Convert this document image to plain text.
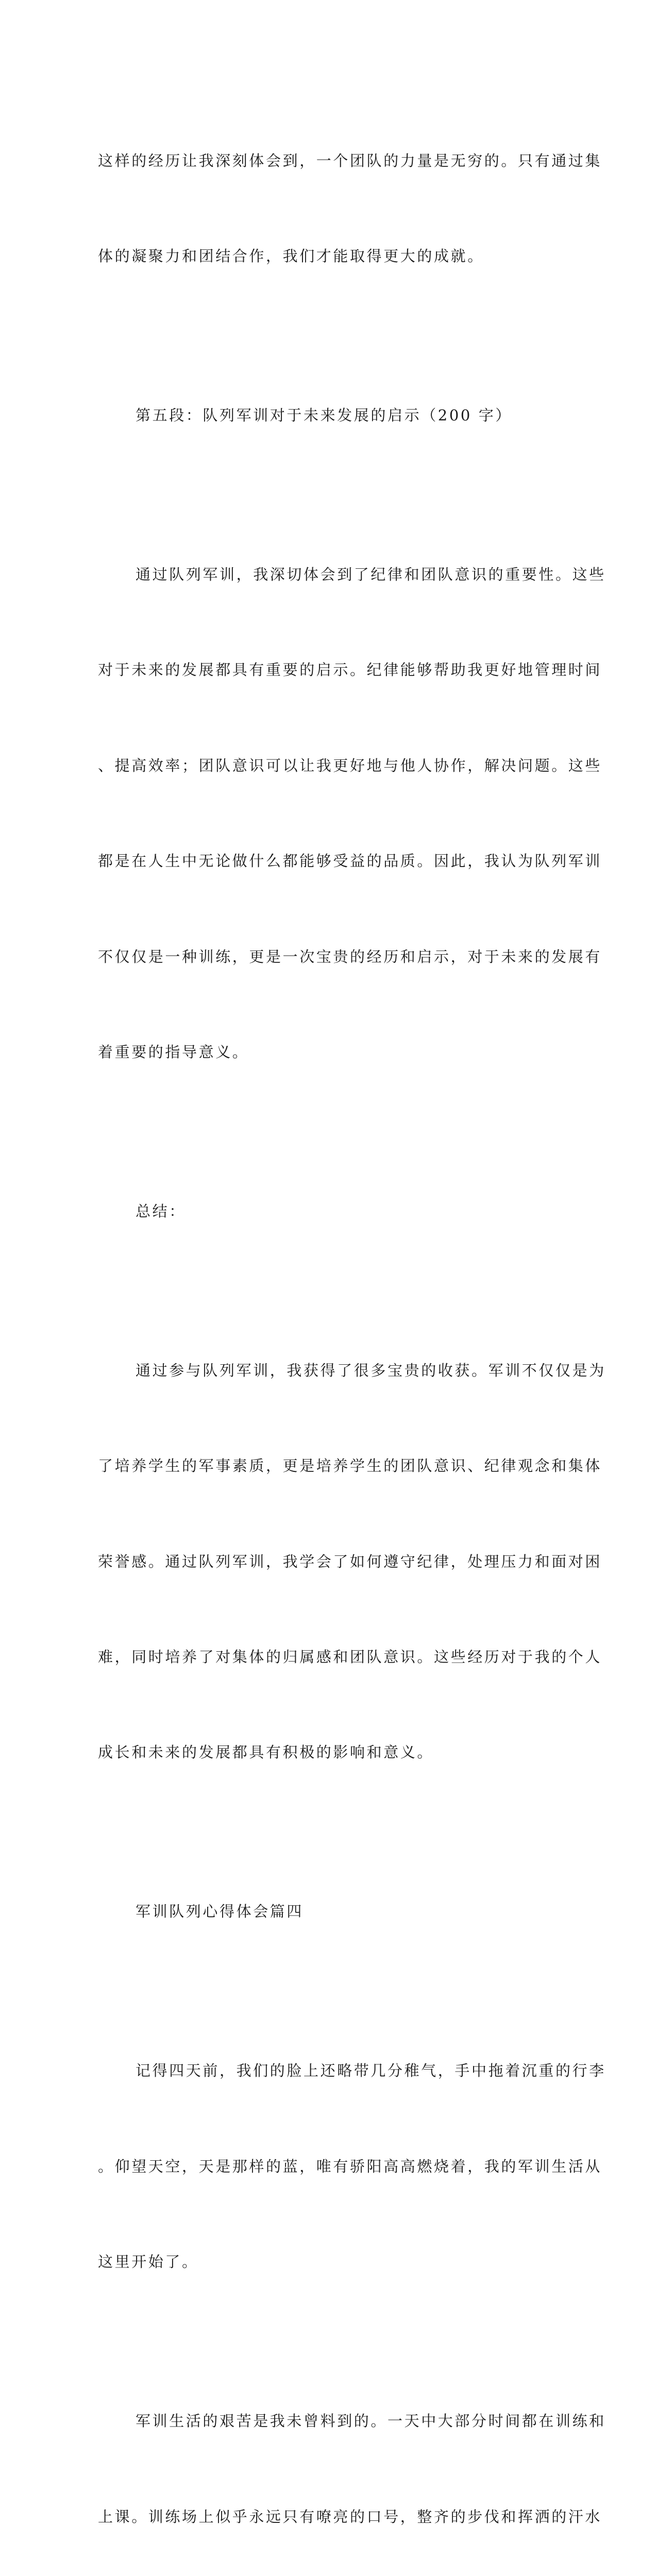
这样的经历让我深刻体会到，一个团队的力量是无穷的。只有通过集

体的凝聚力和团结合作，我们才能取得更大的成就。

第五段：队列军训对于未来发展的启示（200 字）

通过队列军训，我深切体会到了纪律和团队意识的重要性。这些

对于未来的发展都具有重要的启示。纪律能够帮助我更好地管理时间

、提高效率；团队意识可以让我更好地与他人协作，解决问题。这些

都是在人生中无论做什么都能够受益的品质。因此，我认为队列军训

不仅仅是一种训练，更是一次宝贵的经历和启示，对于未来的发展有

着重要的指导意义。

总结：

通过参与队列军训，我获得了很多宝贵的收获。军训不仅仅是为

了培养学生的军事素质，更是培养学生的团队意识、纪律观念和集体

荣誉感。通过队列军训，我学会了如何遵守纪律，处理压力和面对困

难，同时培养了对集体的归属感和团队意识。这些经历对于我的个人

成长和未来的发展都具有积极的影响和意义。

军训队列心得体会篇四

记得四天前，我们的脸上还略带几分稚气，手中拖着沉重的行李

。仰望天空，天是那样的蓝，唯有骄阳高高燃烧着，我的军训生活从

这里开始了。

军训生活的艰苦是我未曾料到的。一天中大部分时间都在训练和

上课。训练场上似乎永远只有嘹亮的口号，整齐的步伐和挥洒的汗水
